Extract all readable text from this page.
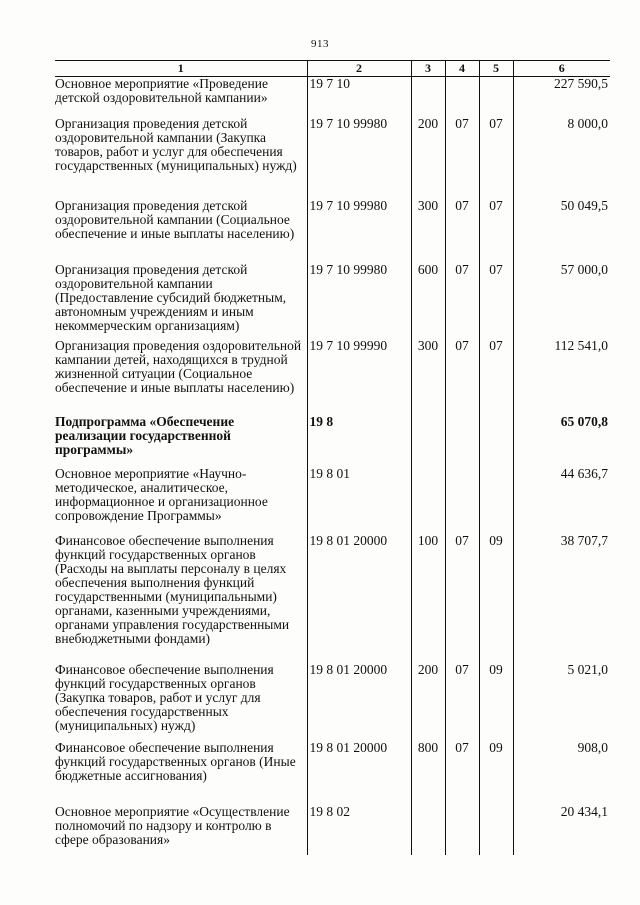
913
1	2	3	4	5	6
Основное мероприятие «Проведение детской оздоровительной кампании»	19 7 10				227 590,5
Организация проведения детской оздоровительной кампании (Закупка товаров, работ и услуг для обеспечения государственных (муниципальных) нужд)	19 7 10 99980	200	07	07	8 000,0
Организация проведения детской оздоровительной кампании (Социальное обеспечение и иные выплаты населению)	19 7 10 99980	300	07	07	50 049,5
Организация проведения детской оздоровительной кампании (Предоставление субсидий бюджетным, автономным учреждениям и иным некоммерческим организациям)	19 7 10 99980	600	07	07	57 000,0
Организация проведения оздоровительной кампании детей, находящихся в трудной жизненной ситуации (Социальное обеспечение и иные выплаты населению)	19 7 10 99990	300	07	07	112 541,0
Подпрограмма «Обеспечение реализации государственной программы»	19 8				65 070,8
Основное мероприятие «Научно-методическое, аналитическое, информационное и организационное сопровождение Программы»	19 8 01				44 636,7
Финансовое обеспечение выполнения функций государственных органов (Расходы на выплаты персоналу в целях обеспечения выполнения функций государственными (муниципальными) органами, казенными учреждениями, органами управления государственными внебюджетными фондами)	19 8 01 20000	100	07	09	38 707,7
Финансовое обеспечение выполнения функций государственных органов (Закупка товаров, работ и услуг для обеспечения государственных (муниципальных) нужд)	19 8 01 20000	200	07	09	5 021,0
Финансовое обеспечение выполнения функций государственных органов (Иные бюджетные ассигнования)	19 8 01 20000	800	07	09	908,0
Основное мероприятие «Осуществление полномочий по надзору и контролю в сфере образования»	19 8 02				20 434,1
